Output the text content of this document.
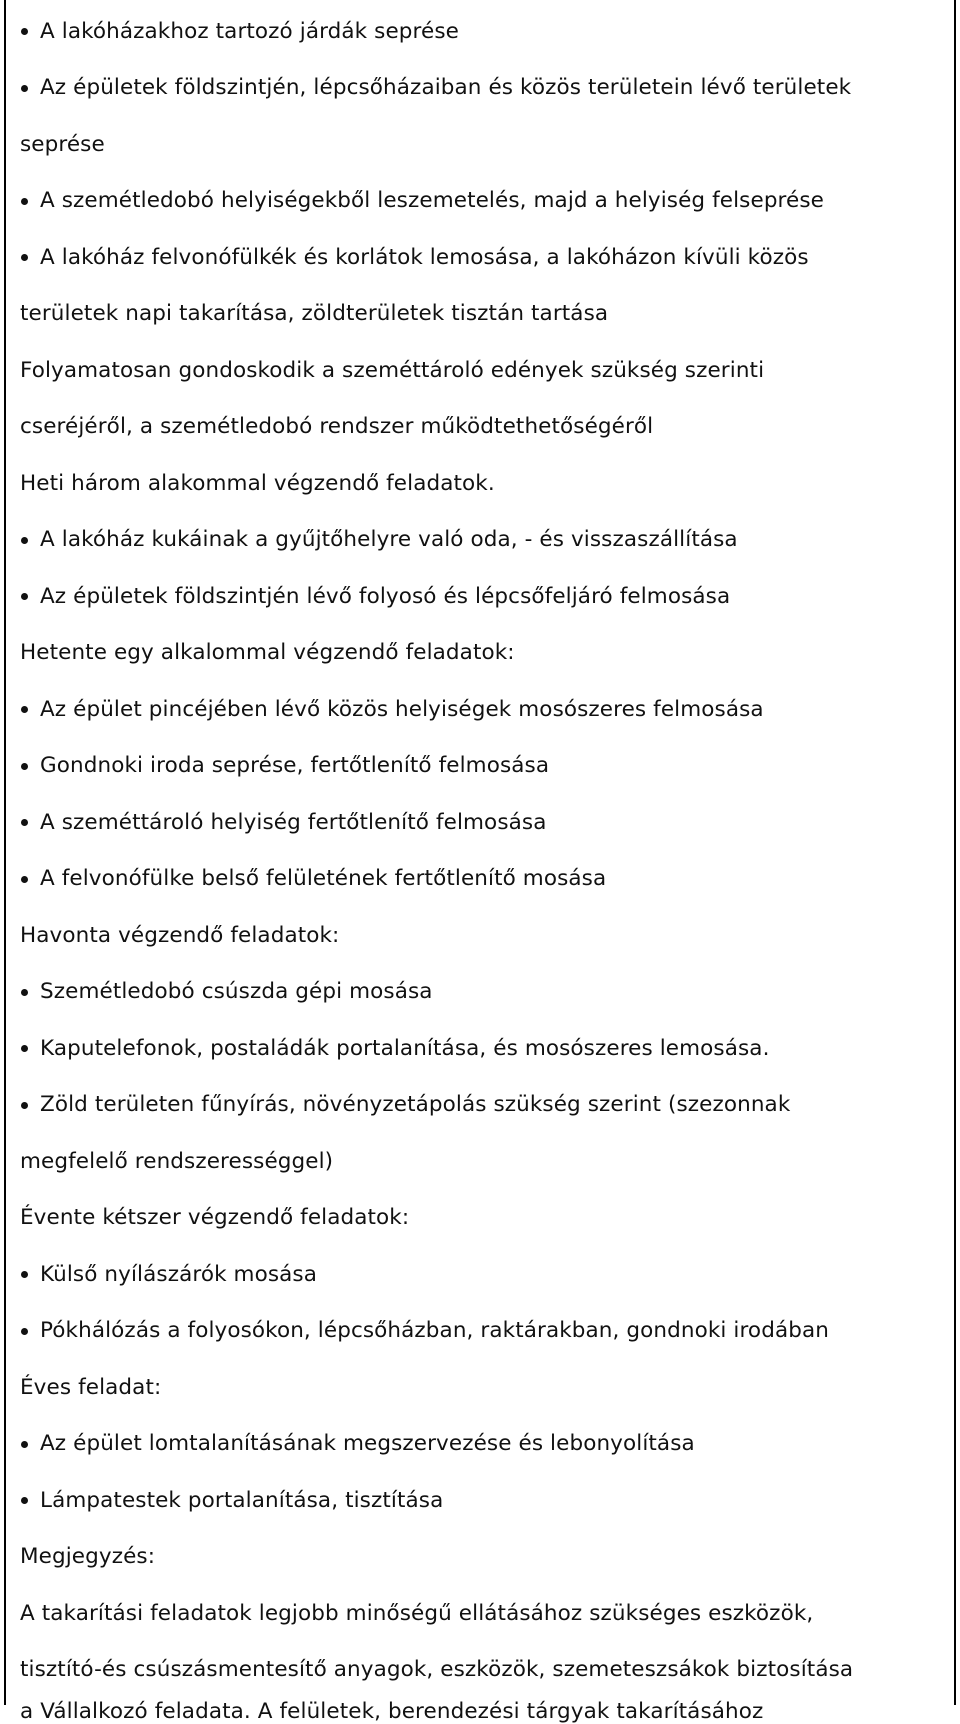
A lakóházakhoz tartozó járdák seprése
Az épületek földszintjén, lépcsőházaiban és közös területein lévő területek
seprése
A szemétledobó helyiségekből leszemetelés, majd a helyiség felseprése
A lakóház felvonófülkék és korlátok lemosása, a lakóházon kívüli közös
területek napi takarítása, zöldterületek tisztán tartása
Folyamatosan gondoskodik a szeméttároló edények szükség szerinti
cseréjéről, a szemétledobó rendszer működtethetőségéről
Heti három alakommal végzendő feladatok.
A lakóház kukáinak a gyűjtőhelyre való oda, - és visszaszállítása
Az épületek földszintjén lévő folyosó és lépcsőfeljáró felmosása
Hetente egy alkalommal végzendő feladatok:
Az épület pincéjében lévő közös helyiségek mosószeres felmosása
Gondnoki iroda seprése, fertőtlenítő felmosása
A szeméttároló helyiség fertőtlenítő felmosása
A felvonófülke belső felületének fertőtlenítő mosása
Havonta végzendő feladatok:
Szemétledobó csúszda gépi mosása
Kaputelefonok, postaládák portalanítása, és mosószeres lemosása.
Zöld területen fűnyírás, növényzetápolás szükség szerint (szezonnak
megfelelő rendszerességgel)
Évente kétszer végzendő feladatok:
Külső nyílászárók mosása
Pókhálózás a folyosókon, lépcsőházban, raktárakban, gondnoki irodában
Éves feladat:
Az épület lomtalanításának megszervezése és lebonyolítása
Lámpatestek portalanítása, tisztítása
Megjegyzés:
A takarítási feladatok legjobb minőségű ellátásához szükséges eszközök,
tisztító-és csúszásmentesítő anyagok, eszközök, szemeteszsákok biztosítása
a Vállalkozó feladata. A felületek, berendezési tárgyak takarításához
